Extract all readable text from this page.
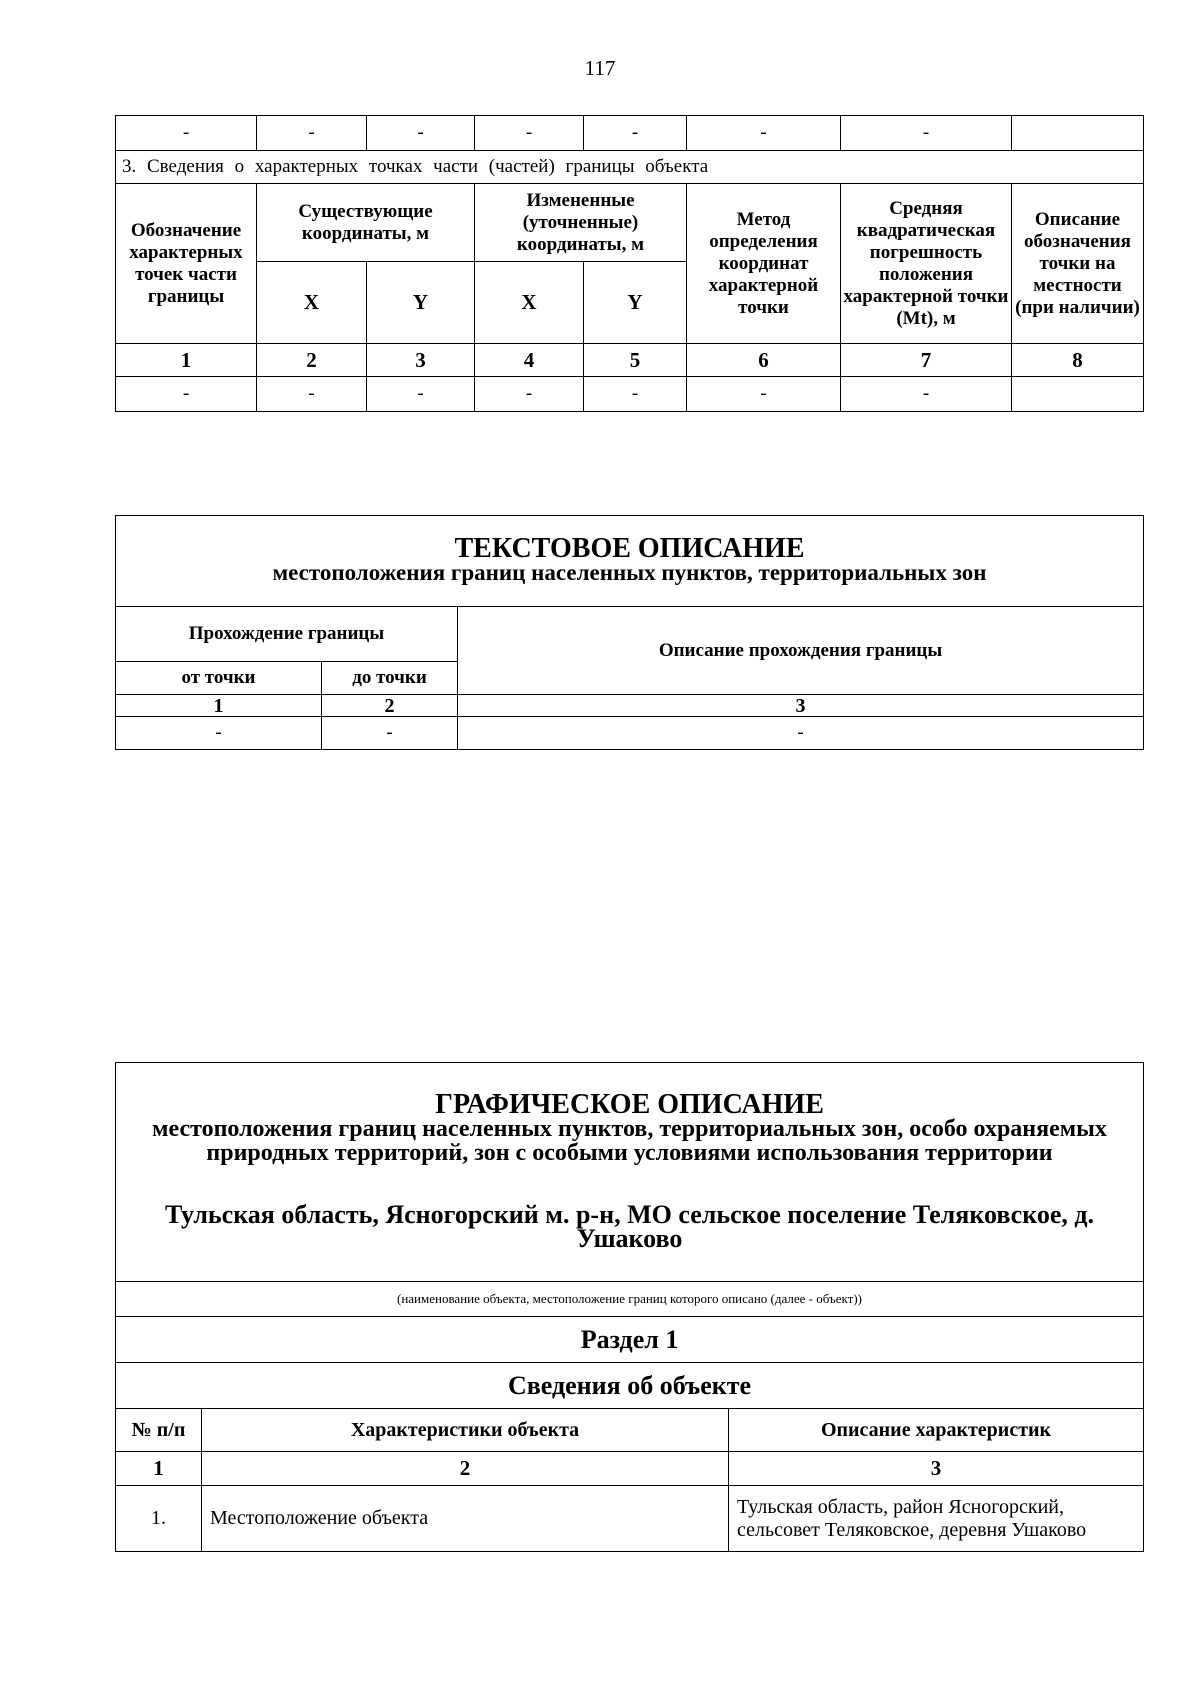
117
-	-	-	-	-	-	-	
3. Сведения о характерных точках части (частей) границы объекта							
Обозначение характерных точек части границы	Существующие координаты, м		Измененные (уточненные) координаты, м		Метод определения координат характерной точки	Средняя квадратическая погрешность положения характерной точки (Mt), м	Описание обозначения точки на местности (при наличии)
	X	Y	X	Y			
1	2	3	4	5	6	7	8
-	-	-	-	-	-	-	
ТЕКСТОВОЕ ОПИСАНИЕ
местоположения границ населенных пунктов, территориальных зон		

Прохождение границы		Описание прохождения границы
от точки	до точки	
1	2	3
-	-	-
ГРАФИЧЕСКОЕ ОПИСАНИЕ
местоположения границ населенных пунктов, территориальных зон, особо охраняемых природных территорий, зон с особыми условиями использования территории
Тульская область, Ясногорский м. р-н, МО сельское поселение Теляковское, д. Ушаково		

(наименование объекта, местоположение границ которого описано (далее - объект))		
Раздел 1		
Сведения об объекте		
№ п/п	Характеристики объекта	Описание характеристик
1	2	3
1.	Местоположение объекта	Тульская область, район Ясногорский, сельсовет Теляковское, деревня Ушаково
